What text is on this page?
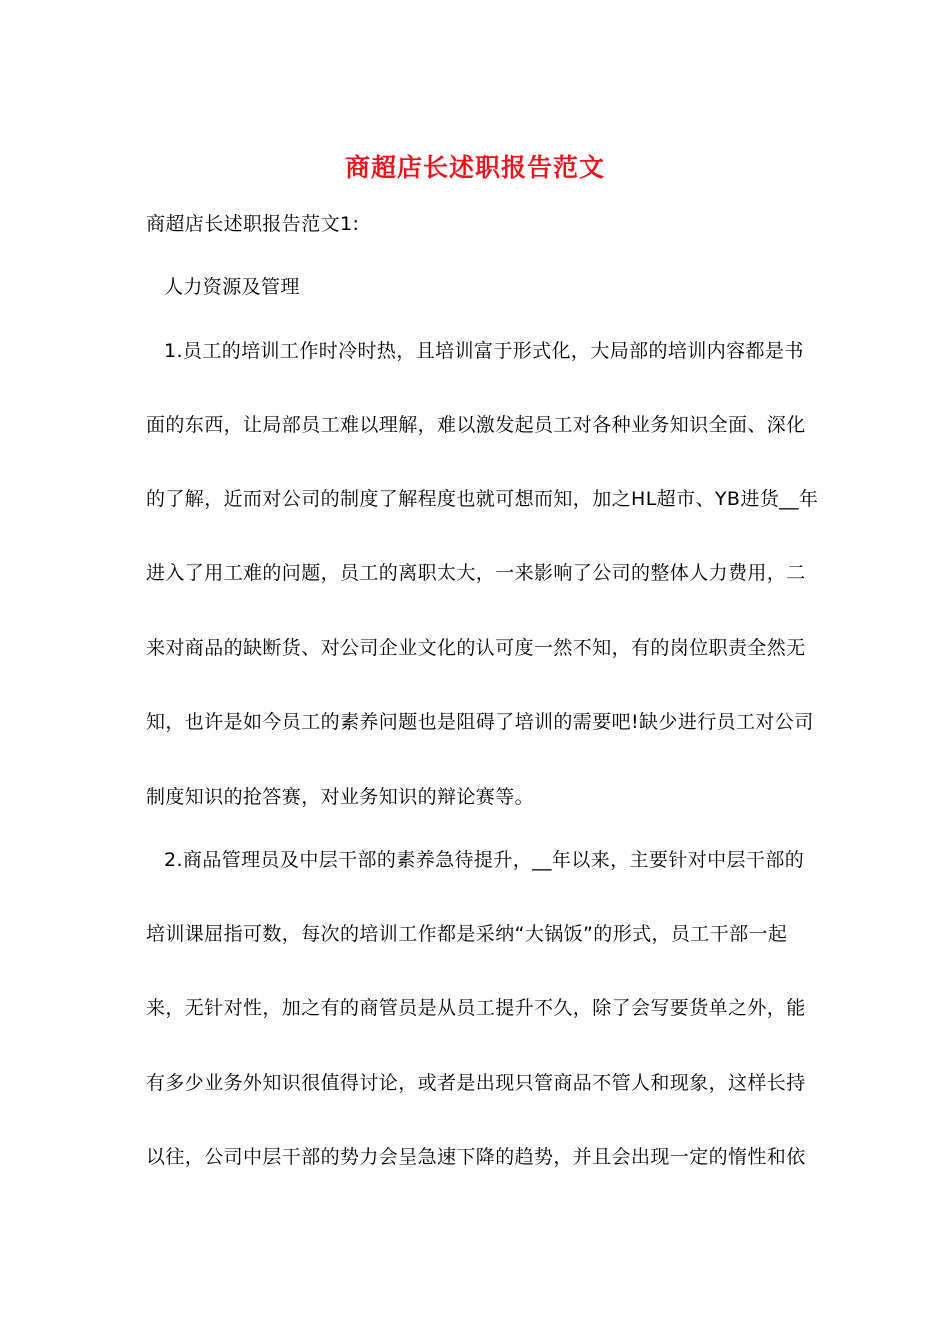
商超店长述职报告范文
商超店长述职报告范文1:
人力资源及管理
1.员工的培训工作时冷时热，且培训富于形式化，大局部的培训内容都是书
面的东西，让局部员工难以理解，难以激发起员工对各种业务知识全面、深化
的了解，近而对公司的制度了解程度也就可想而知，加之HL超市、YB进货__年
进入了用工难的问题，员工的离职太大，一来影响了公司的整体人力费用，二
来对商品的缺断货、对公司企业文化的认可度一然不知，有的岗位职责全然无
知，也许是如今员工的素养问题也是阻碍了培训的需要吧!缺少进行员工对公司
制度知识的抢答赛，对业务知识的辩论赛等。
2.商品管理员及中层干部的素养急待提升，__年以来，主要针对中层干部的
培训课屈指可数，每次的培训工作都是采纳“大锅饭”的形式，员工干部一起
来，无针对性，加之有的商管员是从员工提升不久，除了会写要货单之外，能
有多少业务外知识很值得讨论，或者是出现只管商品不管人和现象，这样长持
以往，公司中层干部的势力会呈急速下降的趋势，并且会出现一定的惰性和依
